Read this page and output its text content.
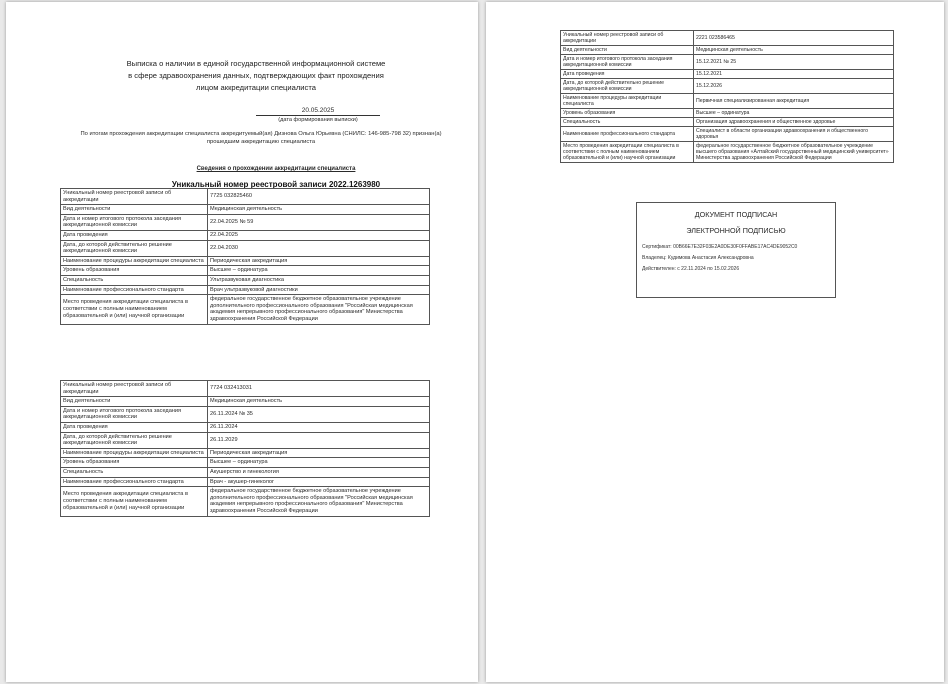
Выписка о наличии в единой государственной информационной системе в сфере здравоохранения данных, подтверждающих факт прохождения лицом аккредитации специалиста
20.05.2025
(дата формирования выписки)
По итогам прохождения аккредитации специалиста аккредитуемый(ая) Дизнова Ольга Юрьевна (СНИЛС: 146-985-798 32) признан(а) прошедшим аккредитацию специалиста
Сведения о прохождении аккредитации специалиста
Уникальный номер реестровой записи 2022.1263980
Уникальный номер реестровой записи об аккредитации	7725 032825460
Вид деятельности	Медицинская деятельность
Дата и номер итогового протокола заседания аккредитационной комиссии	22.04.2025 № 59
Дата проведения	22.04.2025
Дата, до которой действительно решение аккредитационной комиссии	22.04.2030
Наименование процедуры аккредитации специалиста	Периодическая аккредитация
Уровень образования	Высшее – ординатура
Специальность	Ультразвуковая диагностика
Наименование профессионального стандарта	Врач ультразвуковой диагностики
Место проведения аккредитации специалиста в соответствии с полным наименованием образовательной и (или) научной организации	федеральное государственное бюджетное образовательное учреждение дополнительного профессионального образования "Российская медицинская академия непрерывного профессионального образования" Министерства здравоохранения Российской Федерации
Уникальный номер реестровой записи об аккредитации	7724 032413031
Вид деятельности	Медицинская деятельность
Дата и номер итогового протокола заседания аккредитационной комиссии	26.11.2024 № 35
Дата проведения	26.11.2024
Дата, до которой действительно решение аккредитационной комиссии	26.11.2029
Наименование процедуры аккредитации специалиста	Периодическая аккредитация
Уровень образования	Высшее – ординатура
Специальность	Акушерство и гинекология
Наименование профессионального стандарта	Врач - акушер-гинеколог
Место проведения аккредитации специалиста в соответствии с полным наименованием образовательной и (или) научной организации	федеральное государственное бюджетное образовательное учреждение дополнительного профессионального образования "Российская медицинская академия непрерывного профессионального образования" Министерства здравоохранения Российской Федерации
Уникальный номер реестровой записи об аккредитации	2221 023586465
Вид деятельности	Медицинская деятельность
Дата и номер итогового протокола заседания аккредитационной комиссии	15.12.2021 № 25
Дата проведения	15.12.2021
Дата, до которой действительно решение аккредитационной комиссии	15.12.2026
Наименование процедуры аккредитации специалиста	Первичная специализированная аккредитация
Уровень образования	Высшее – ординатура
Специальность	Организация здравоохранения и общественное здоровье
Наименование профессионального стандарта	Специалист в области организации здравоохранения и общественного здоровья
Место проведения аккредитации специалиста в соответствии с полным наименованием образовательной и (или) научной организации	федеральное государственное бюджетное образовательное учреждение высшего образования «Алтайский государственный медицинский университет» Министерства здравоохранения Российской Федерации
ДОКУМЕНТ ПОДПИСАН
ЭЛЕКТРОННОЙ ПОДПИСЬЮ
Сертификат: 00B66E7E32F03E2A0DE30F0FFABE17AC4DE9052C0
Владелец: Кудимова Анастасия Александровна
Действителен: с 22.11.2024 по 15.02.2026
